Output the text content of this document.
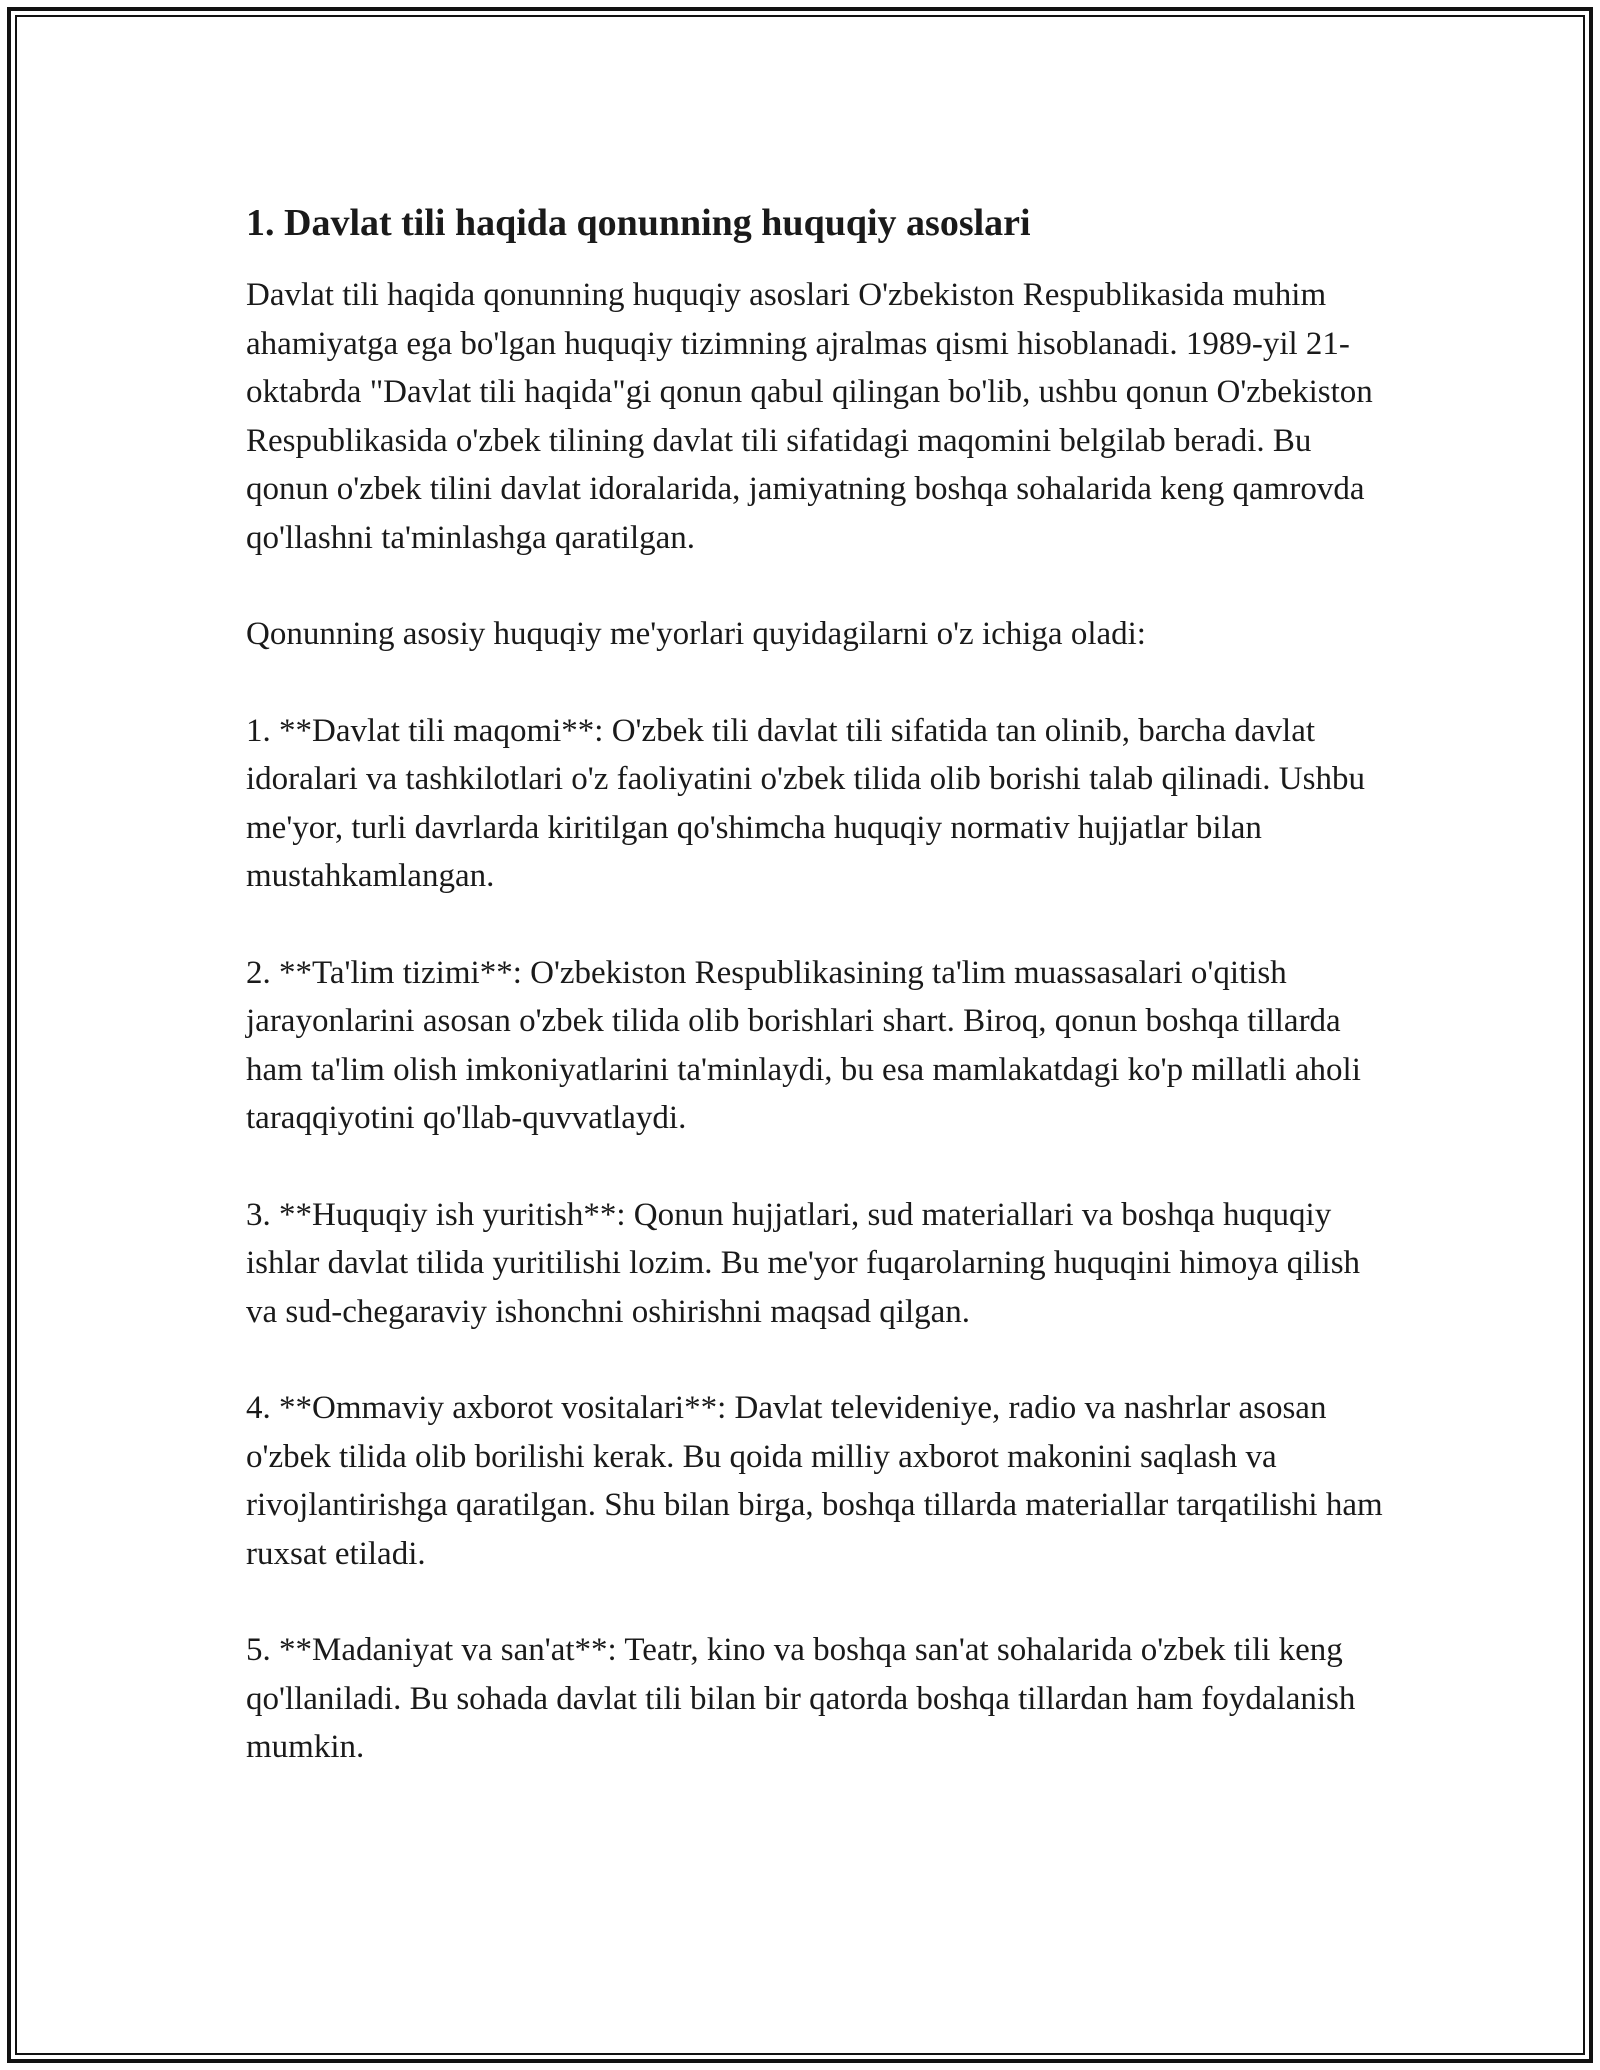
1. Davlat tili haqida qonunning huquqiy asoslari

Davlat tili haqida qonunning huquqiy asoslari O'zbekiston Respublikasida muhim ahamiyatga ega bo'lgan huquqiy tizimning ajralmas qismi hisoblanadi. 1989-yil 21-oktabrda "Davlat tili haqida"gi qonun qabul qilingan bo'lib, ushbu qonun O'zbekiston Respublikasida o'zbek tilining davlat tili sifatidagi maqomini belgilab beradi. Bu qonun o'zbek tilini davlat idoralarida, jamiyatning boshqa sohalarida keng qamrovda qo'llashni ta'minlashga qaratilgan.

Qonunning asosiy huquqiy me'yorlari quyidagilarni o'z ichiga oladi:

1. **Davlat tili maqomi**: O'zbek tili davlat tili sifatida tan olinib, barcha davlat idoralari va tashkilotlari o'z faoliyatini o'zbek tilida olib borishi talab qilinadi. Ushbu me'yor, turli davrlarda kiritilgan qo'shimcha huquqiy normativ hujjatlar bilan mustahkamlangan.

2. **Ta'lim tizimi**: O'zbekiston Respublikasining ta'lim muassasalari o'qitish jarayonlarini asosan o'zbek tilida olib borishlari shart. Biroq, qonun boshqa tillarda ham ta'lim olish imkoniyatlarini ta'minlaydi, bu esa mamlakatdagi ko'p millatli aholi taraqqiyotini qo'llab-quvvatlaydi.

3. **Huquqiy ish yuritish**: Qonun hujjatlari, sud materiallari va boshqa huquqiy ishlar davlat tilida yuritilishi lozim. Bu me'yor fuqarolarning huquqini himoya qilish va sud-chegaraviy ishonchni oshirishni maqsad qilgan.

4. **Ommaviy axborot vositalari**: Davlat televideniye, radio va nashrlar asosan o'zbek tilida olib borilishi kerak. Bu qoida milliy axborot makonini saqlash va rivojlantirishga qaratilgan. Shu bilan birga, boshqa tillarda materiallar tarqatilishi ham ruxsat etiladi.

5. **Madaniyat va san'at**: Teatr, kino va boshqa san'at sohalarida o'zbek tili keng qo'llaniladi. Bu sohada davlat tili bilan bir qatorda boshqa tillardan ham foydalanish mumkin.
